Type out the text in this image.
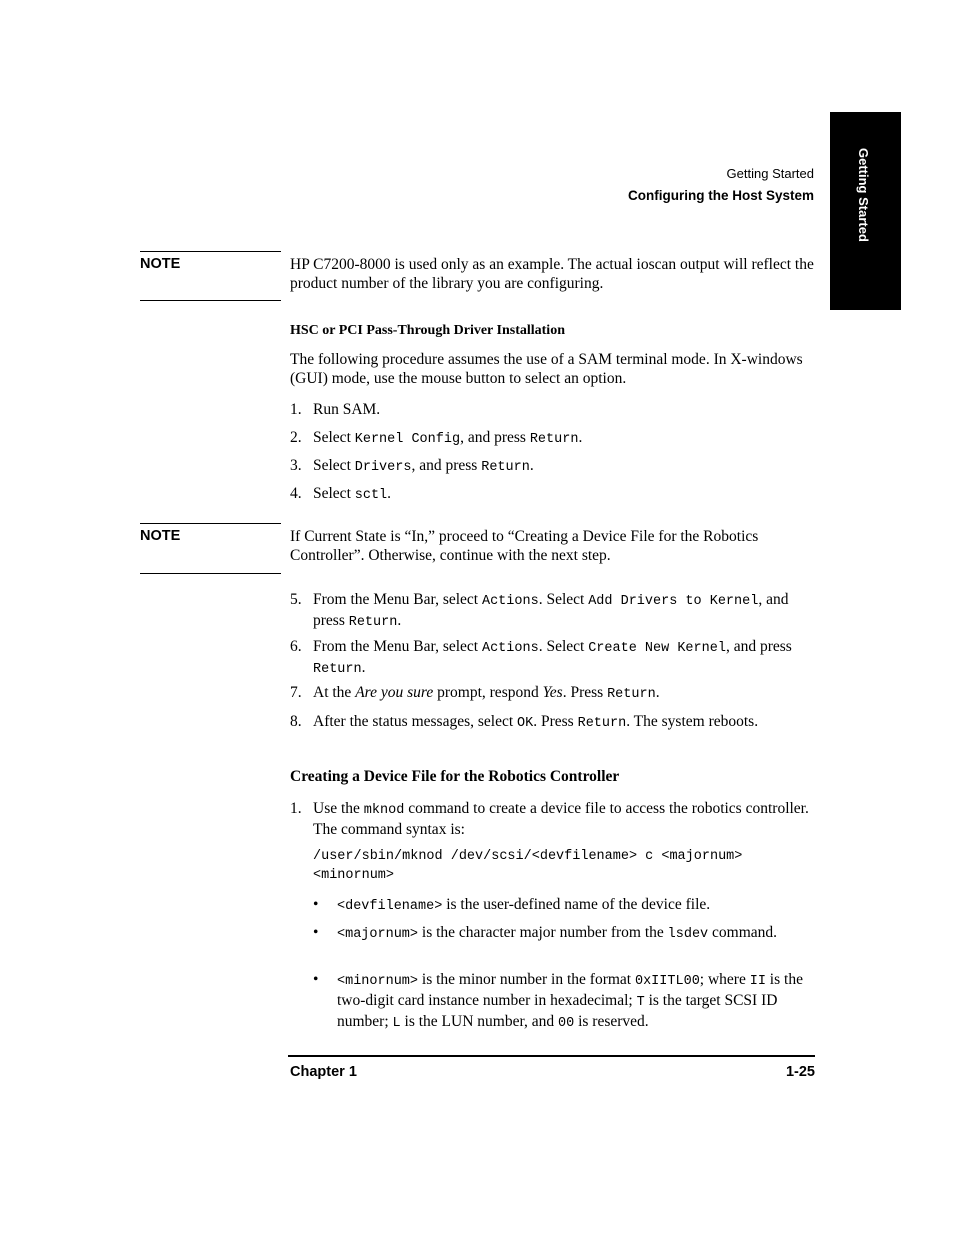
Getting Started
Getting Started
Configuring the Host System
NOTE	HP C7200-8000 is used only as an example. The actual ioscan output will reflect the product number of the library you are configuring.
HSC or PCI Pass-Through Driver Installation
The following procedure assumes the use of a SAM terminal mode. In X-windows (GUI) mode, use the mouse button to select an option.
1. Run SAM.
2. Select Kernel Config, and press Return.
3. Select Drivers, and press Return.
4. Select sctl.
NOTE	If Current State is “In,” proceed to “Creating a Device File for the Robotics Controller”. Otherwise, continue with the next step.
5. From the Menu Bar, select Actions. Select Add Drivers to Kernel, and press Return.
6. From the Menu Bar, select Actions. Select Create New Kernel, and press Return.
7. At the Are you sure prompt, respond Yes. Press Return.
8. After the status messages, select OK. Press Return. The system reboots.
Creating a Device File for the Robotics Controller
1. Use the mknod command to create a device file to access the robotics controller. The command syntax is:
/user/sbin/mknod /dev/scsi/<devfilename> c <majornum> <minornum>
• <devfilename> is the user-defined name of the device file.
• <majornum> is the character major number from the lsdev command.
• <minornum> is the minor number in the format 0xIITL00; where II is the two-digit card instance number in hexadecimal; T is the target SCSI ID number; L is the LUN number, and 00 is reserved.
Chapter 1	1-25
